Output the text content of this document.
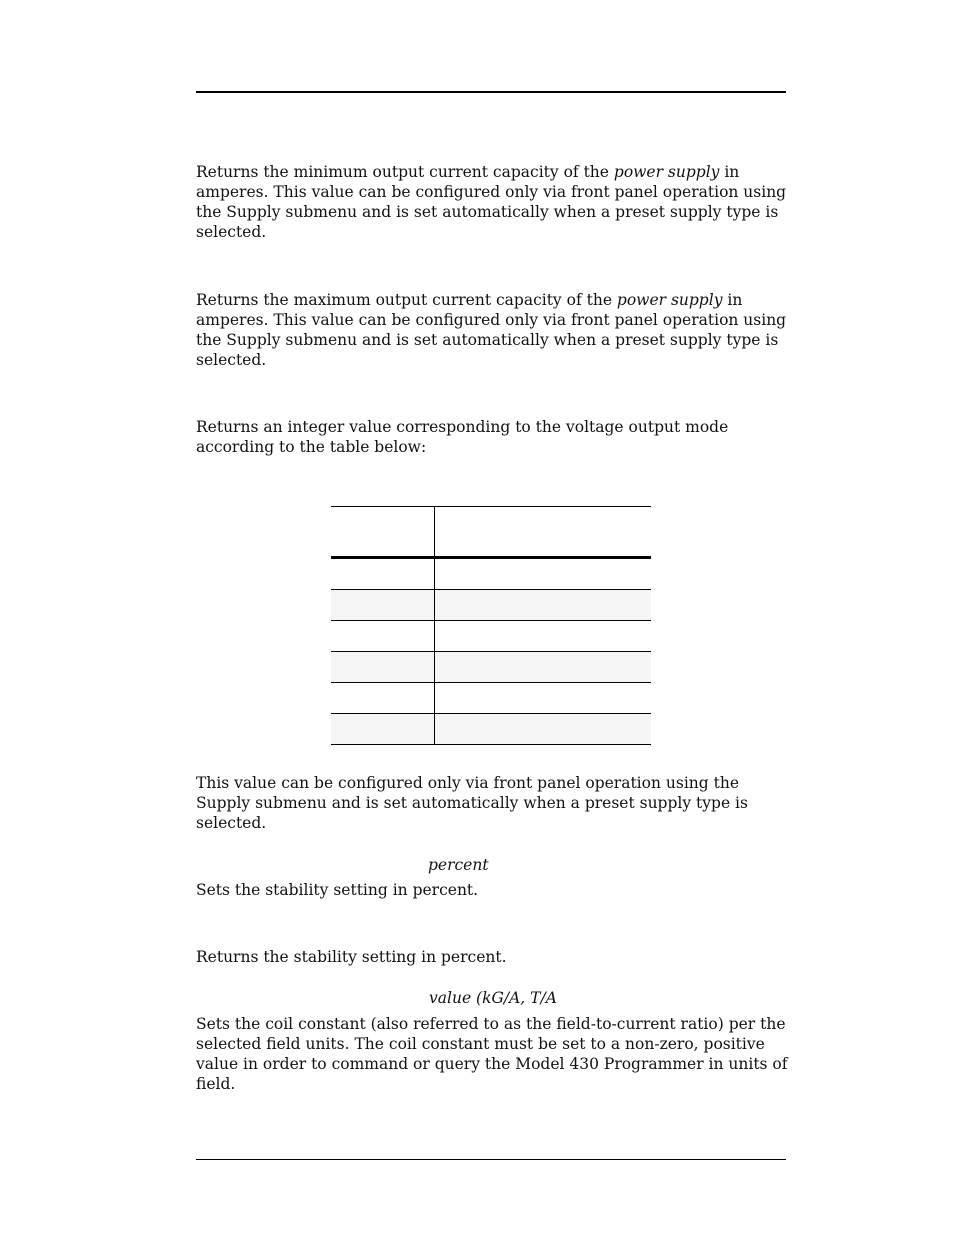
Returns the minimum output current capacity of the power supply in amperes. This value can be configured only via front panel operation using the Supply submenu and is set automatically when a preset supply type is selected.

Returns the maximum output current capacity of the power supply in amperes. This value can be configured only via front panel operation using the Supply submenu and is set automatically when a preset supply type is selected.

Returns an integer value corresponding to the voltage output mode according to the table below:

This value can be configured only via front panel operation using the Supply submenu and is set automatically when a preset supply type is selected.

percent

Sets the stability setting in percent.

Returns the stability setting in percent.

value (kG/A, T/A

Sets the coil constant (also referred to as the field-to-current ratio) per the selected field units. The coil constant must be set to a non-zero, positive value in order to command or query the Model 430 Programmer in units of field.
